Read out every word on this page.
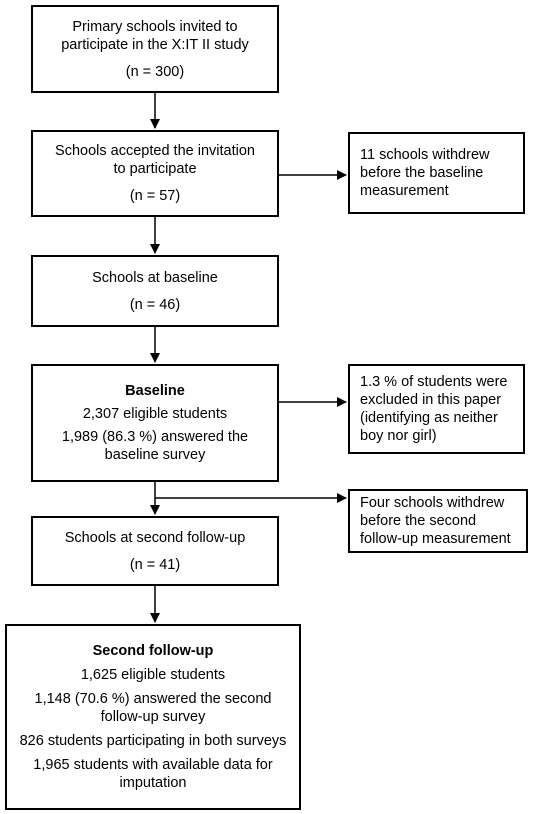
Primary schools invited to
participate in the X:IT II study
(n = 300)
Schools accepted the invitation
to participate
(n = 57)
11 schools withdrew
before the baseline
measurement
Schools at baseline
(n = 46)
Baseline
2,307 eligible students
1,989 (86.3 %) answered the
baseline survey
1.3 % of students were
excluded in this paper
(identifying as neither
boy nor girl)
Four schools withdrew
before the second
follow-up measurement
Schools at second follow-up
(n = 41)
Second follow-up
1,625 eligible students
1,148 (70.6 %) answered the second
follow-up survey
826 students participating in both surveys
1,965 students with available data for
imputation
